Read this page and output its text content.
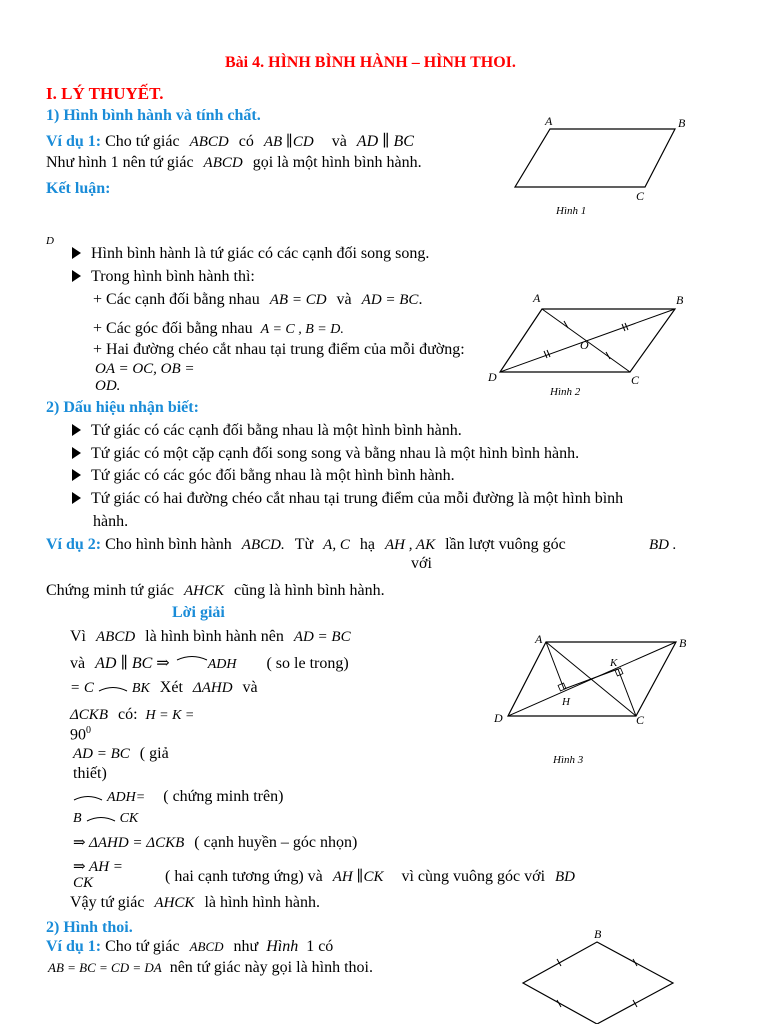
Bài 4. HÌNH BÌNH HÀNH – HÌNH THOI.
I. LÝ THUYẾT.
1) Hình bình hành và tính chất.
Ví dụ 1: Cho tứ giác ABCD có AB ∥CD và AD ∥ BC
Như hình 1 nên tứ giác ABCD gọi là một hình bình hành.
Kết luận:
A	B
C
Hình 1
D
Hình bình hành là tứ giác có các cạnh đối song song.
Trong hình bình hành thì:
+ Các cạnh đối bằng nhau AB = CD và AD = BC.
+ Các góc đối bằng nhau A = C , B = D.
+ Hai đường chéo cắt nhau tại trung điểm của mỗi đường:
OA = OC, OB =
OD.
A	B
C
D
O
Hình 2
2) Dấu hiệu nhận biết:
Tứ giác có các cạnh đối bằng nhau là một hình bình hành.
Tứ giác có một cặp cạnh đối song song và bằng nhau là một hình bình hành.
Tứ giác có các góc đối bằng nhau là một hình bình hành.
Tứ giác có hai đường chéo cắt nhau tại trung điểm của mỗi đường là một hình bình
hành.
Ví dụ 2: Cho hình bình hành ABCD. Từ A, C hạ AH , AK lần lượt vuông góc	BD .
với
Chứng minh tứ giác AHCK cũng là hình bình hành.
Lời giải
Vì ABCD là hình bình hành nên AD = BC
và AD ∥ BC ⇒	ADH ( so le trong)
= C	BK Xét ΔAHD và
ΔCKB có: H = K =
$90^0$
AD = BC ( giả
thiết)
ADH= ( chứng minh trên)
B	CK
⇒ ΔAHD = ΔCKB ( cạnh huyền – góc nhọn)
⇒ AH =
CK	( hai cạnh tương ứng) và AH ∥CK vì cùng vuông góc với BD
Vậy tứ giác AHCK là hình hình hành.
A	B
C
D
H
K
Hình 3
2) Hình thoi.
Ví dụ 1: Cho tứ giác ABCD như Hình 1 có
AB = BC = CD = DA nên tứ giác này gọi là hình thoi.
B
